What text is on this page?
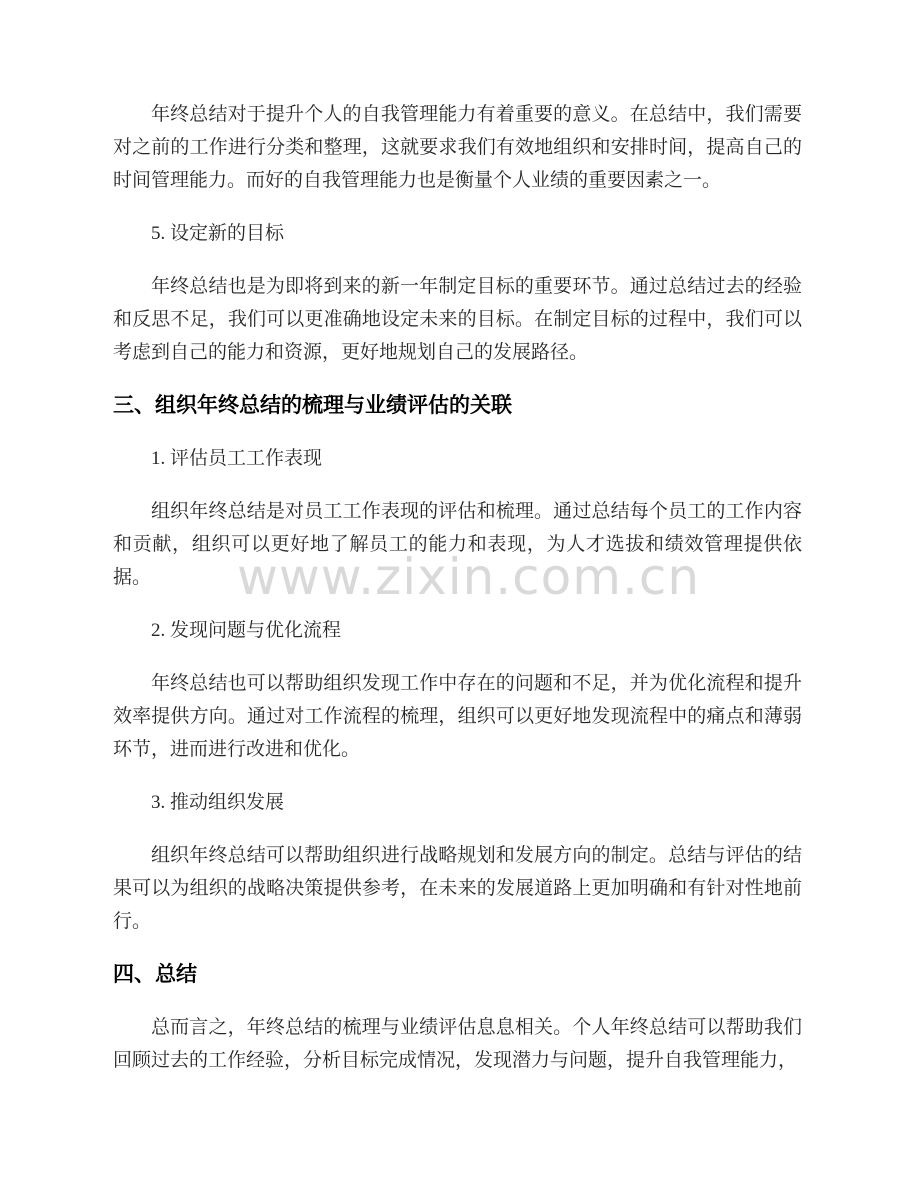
www.zixin.com.cn

年终总结对于提升个人的自我管理能力有着重要的意义。在总结中，我们需要对之前的工作进行分类和整理，这就要求我们有效地组织和安排时间，提高自己的时间管理能力。而好的自我管理能力也是衡量个人业绩的重要因素之一。

5. 设定新的目标

年终总结也是为即将到来的新一年制定目标的重要环节。通过总结过去的经验和反思不足，我们可以更准确地设定未来的目标。在制定目标的过程中，我们可以考虑到自己的能力和资源，更好地规划自己的发展路径。

三、组织年终总结的梳理与业绩评估的关联

1. 评估员工工作表现

组织年终总结是对员工工作表现的评估和梳理。通过总结每个员工的工作内容和贡献，组织可以更好地了解员工的能力和表现，为人才选拔和绩效管理提供依据。

2. 发现问题与优化流程

年终总结也可以帮助组织发现工作中存在的问题和不足，并为优化流程和提升效率提供方向。通过对工作流程的梳理，组织可以更好地发现流程中的痛点和薄弱环节，进而进行改进和优化。

3. 推动组织发展

组织年终总结可以帮助组织进行战略规划和发展方向的制定。总结与评估的结果可以为组织的战略决策提供参考，在未来的发展道路上更加明确和有针对性地前行。

四、总结

总而言之，年终总结的梳理与业绩评估息息相关。个人年终总结可以帮助我们回顾过去的工作经验，分析目标完成情况，发现潜力与问题，提升自我管理能力，
